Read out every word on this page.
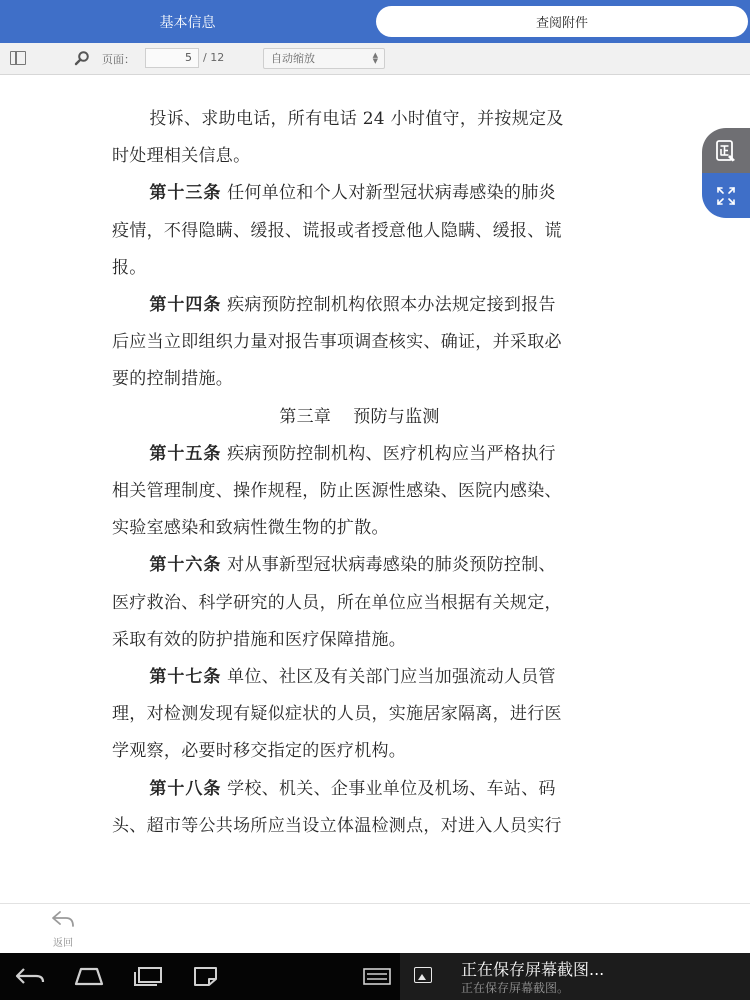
基本信息	查阅附件
页面：	5	/ 12	自动缩放	▲
▼
投诉、求助电话，所有电话 24 小时值守，并按规定及
时处理相关信息。
第十三条 任何单位和个人对新型冠状病毒感染的肺炎
疫情，不得隐瞒、缓报、谎报或者授意他人隐瞒、缓报、谎
报。
第十四条 疾病预防控制机构依照本办法规定接到报告
后应当立即组织力量对报告事项调查核实、确证，并采取必
要的控制措施。
第三章 预防与监测
第十五条 疾病预防控制机构、医疗机构应当严格执行
相关管理制度、操作规程，防止医源性感染、医院内感染、
实验室感染和致病性微生物的扩散。
第十六条 对从事新型冠状病毒感染的肺炎预防控制、
医疗救治、科学研究的人员，所在单位应当根据有关规定，
采取有效的防护措施和医疗保障措施。
第十七条 单位、社区及有关部门应当加强流动人员管
理，对检测发现有疑似症状的人员，实施居家隔离，进行医
学观察，必要时移交指定的医疗机构。
第十八条 学校、机关、企事业单位及机场、车站、码
头、超市等公共场所应当设立体温检测点，对进入人员实行
返回
正在保存屏幕截图...
正在保存屏幕截图。
